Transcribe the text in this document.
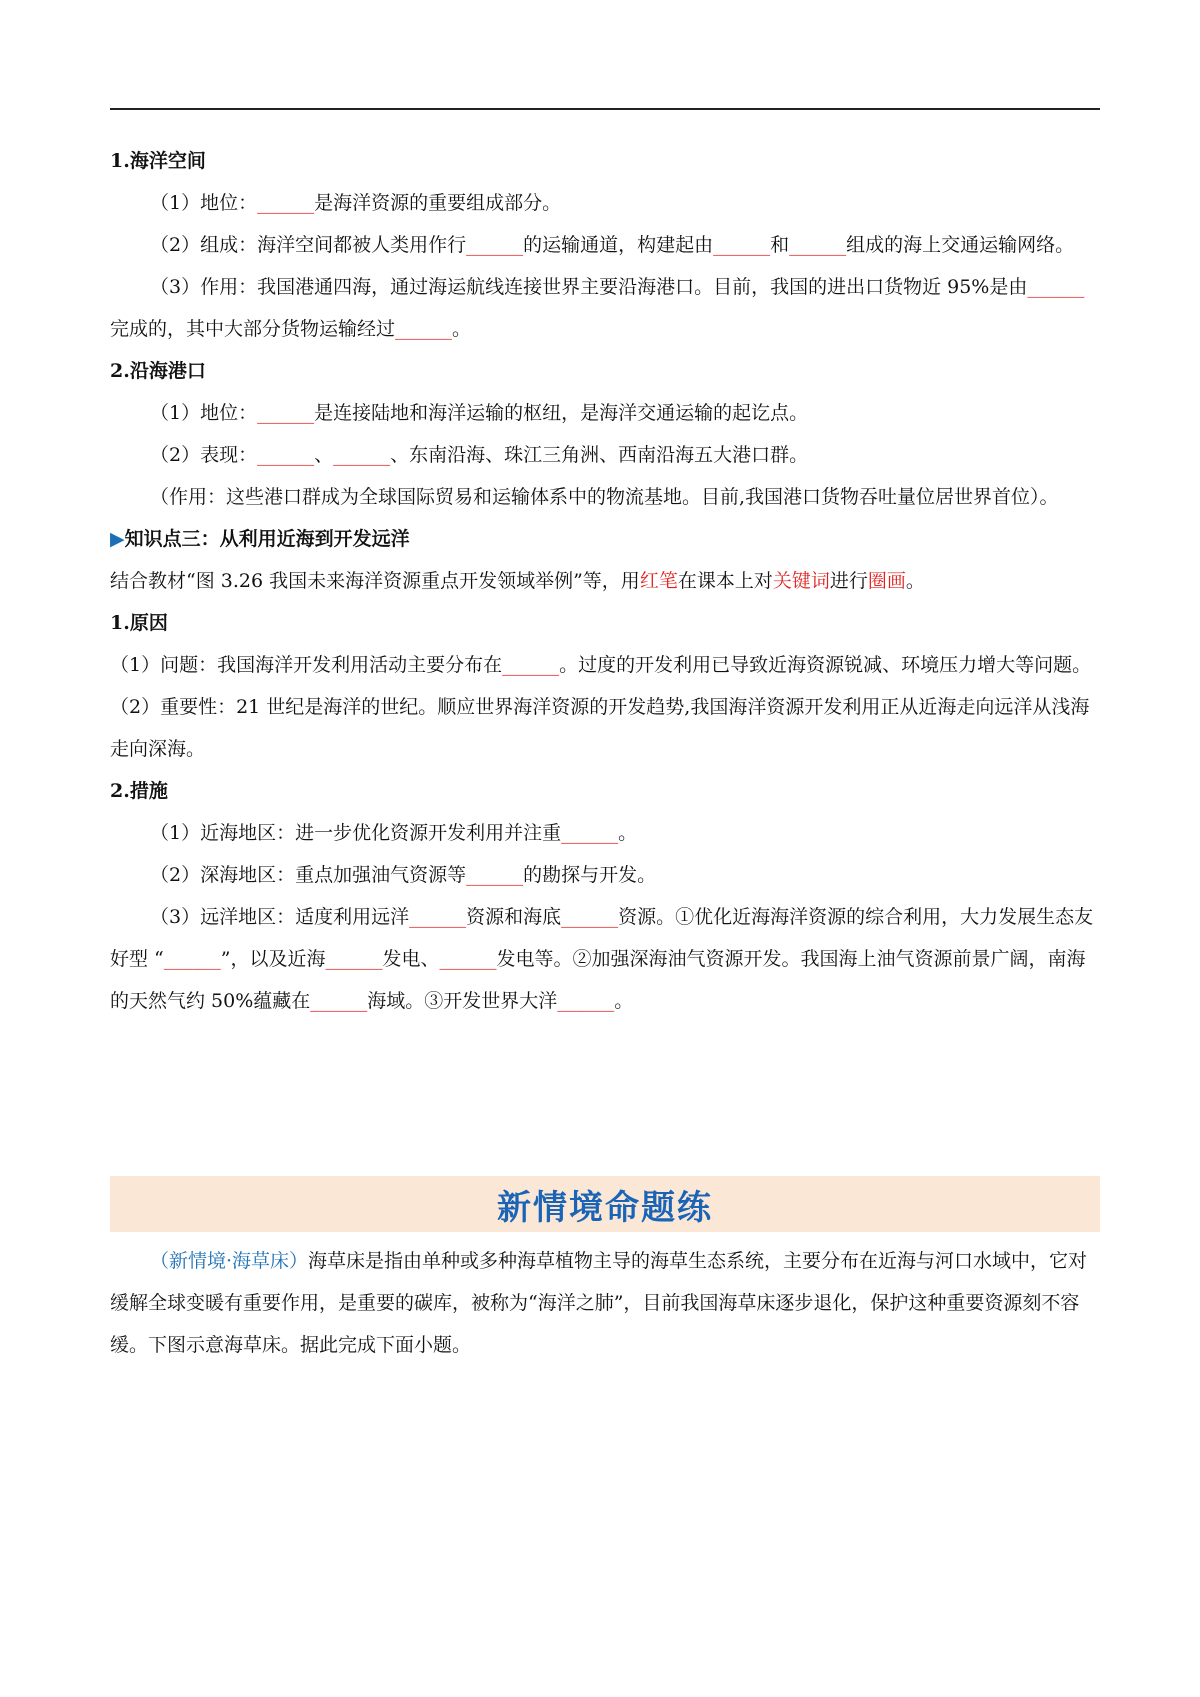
1.海洋空间

（1）地位：______是海洋资源的重要组成部分。

（2）组成：海洋空间都被人类用作行______的运输通道，构建起由______和______组成的海上交通运输网络。

（3）作用：我国港通四海，通过海运航线连接世界主要沿海港口。目前，我国的进出口货物近 95%是由______完成的，其中大部分货物运输经过______。

2.沿海港口

（1）地位：______是连接陆地和海洋运输的枢纽，是海洋交通运输的起讫点。

（2）表现：______、______、东南沿海、珠江三角洲、西南沿海五大港口群。

（作用：这些港口群成为全球国际贸易和运输体系中的物流基地。目前,我国港口货物吞吐量位居世界首位）。

▶知识点三：从利用近海到开发远洋

结合教材“图 3.26 我国未来海洋资源重点开发领域举例”等，用红笔在课本上对关键词进行圈画。

1.原因

（1）问题：我国海洋开发利用活动主要分布在______。过度的开发利用已导致近海资源锐减、环境压力增大等问题。

（2）重要性：21 世纪是海洋的世纪。顺应世界海洋资源的开发趋势,我国海洋资源开发利用正从近海走向远洋从浅海走向深海。

2.措施

（1）近海地区：进一步优化资源开发利用并注重______。

（2）深海地区：重点加强油气资源等______的勘探与开发。

（3）远洋地区：适度利用远洋______资源和海底______资源。①优化近海海洋资源的综合利用，大力发展生态友好型 “______”，以及近海______发电、______发电等。②加强深海油气资源开发。我国海上油气资源前景广阔，南海的天然气约 50%蕴藏在______海域。③开发世界大洋______。

新情境命题练
（新情境·海草床）海草床是指由单种或多种海草植物主导的海草生态系统，主要分布在近海与河口水域中，它对缓解全球变暖有重要作用，是重要的碳库，被称为“海洋之肺”，目前我国海草床逐步退化，保护这种重要资源刻不容缓。下图示意海草床。据此完成下面小题。
